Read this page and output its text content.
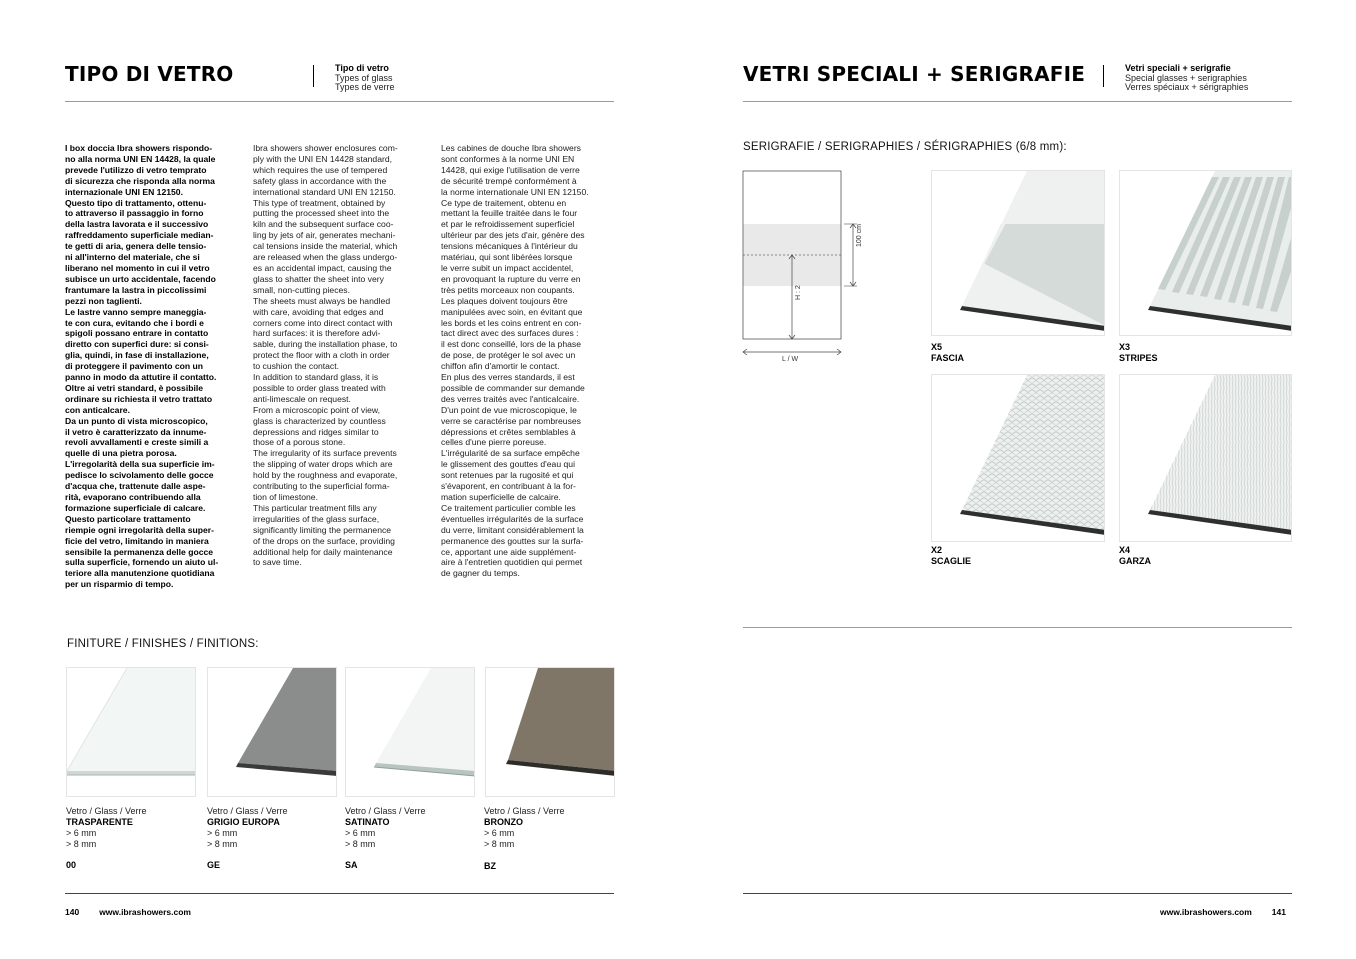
TIPO DI VETRO	Tipo di vetro
Types of glass
Types de verre

I box doccia Ibra showers rispondo-

no alla norma UNI EN 14428, la quale

prevede l'utilizzo di vetro temprato

di sicurezza che risponda alla norma

internazionale UNI EN 12150.

Questo tipo di trattamento, ottenu-

to attraverso il passaggio in forno

della lastra lavorata e il successivo

raffreddamento superficiale median-

te getti di aria, genera delle tensio-

ni all'interno del materiale, che si

liberano nel momento in cui il vetro

subisce un urto accidentale, facendo

frantumare la lastra in piccolissimi

pezzi non taglienti.

Le lastre vanno sempre maneggia-

te con cura, evitando che i bordi e

spigoli possano entrare in contatto

diretto con superfici dure: si consi-

glia, quindi, in fase di installazione,

di proteggere il pavimento con un

panno in modo da attutire il contatto.

Oltre ai vetri standard, è possibile

ordinare su richiesta il vetro trattato

con anticalcare.

Da un punto di vista microscopico,

il vetro è caratterizzato da innume-

revoli avvallamenti e creste simili a

quelle di una pietra porosa.

L'irregolarità della sua superficie im-

pedisce lo scivolamento delle gocce

d'acqua che, trattenute dalle aspe-

rità, evaporano contribuendo alla

formazione superficiale di calcare.

Questo particolare trattamento

riempie ogni irregolarità della super-

ficie del vetro, limitando in maniera

sensibile la permanenza delle gocce

sulla superficie, fornendo un aiuto ul-

teriore alla manutenzione quotidiana

per un risparmio di tempo.

Ibra showers shower enclosures com-

ply with the UNI EN 14428 standard,

which requires the use of tempered

safety glass in accordance with the

international standard UNI EN 12150.

This type of treatment, obtained by

putting the processed sheet into the

kiln and the subsequent surface coo-

ling by jets of air, generates mechani-

cal tensions inside the material, which

are released when the glass undergo-

es an accidental impact, causing the

glass to shatter the sheet into very

small, non-cutting pieces.

The sheets must always be handled

with care, avoiding that edges and

corners come into direct contact with

hard surfaces: it is therefore advi-

sable, during the installation phase, to

protect the floor with a cloth in order

to cushion the contact.

In addition to standard glass, it is

possible to order glass treated with

anti-limescale on request.

From a microscopic point of view,

glass is characterized by countless

depressions and ridges similar to

those of a porous stone.

The irregularity of its surface prevents

the slipping of water drops which are

hold by the roughness and evaporate,

contributing to the superficial forma-

tion of limestone.

This particular treatment fills any

irregularities of the glass surface,

significantly limiting the permanence

of the drops on the surface, providing

additional help for daily maintenance

to save time.

Les cabines de douche Ibra showers

sont conformes à la norme UNI EN

14428, qui exige l'utilisation de verre

de sécurité trempé conformément à

la norme internationale UNI EN 12150.

Ce type de traitement, obtenu en

mettant la feuille traitée dans le four

et par le refroidissement superficiel

ultérieur par des jets d'air, génère des

tensions mécaniques à l'intérieur du

matériau, qui sont libérées lorsque

le verre subit un impact accidentel,

en provoquant la rupture du verre en

très petits morceaux non coupants.

Les plaques doivent toujours être

manipulées avec soin, en évitant que

les bords et les coins entrent en con-

tact direct avec des surfaces dures :

il est donc conseillé, lors de la phase

de pose, de protéger le sol avec un

chiffon afin d'amortir le contact.

En plus des verres standards, il est

possible de commander sur demande

des verres traités avec l'anticalcaire.

D'un point de vue microscopique, le

verre se caractérise par nombreuses

dépressions et crêtes semblables à

celles d'une pierre poreuse.

L'irrégularité de sa surface empêche

le glissement des gouttes d'eau qui

sont retenues par la rugosité et qui

s'évaporent, en contribuant à la for-

mation superficielle de calcaire.

Ce traitement particulier comble les

éventuelles irrégularités de la surface

du verre, limitant considérablement la

permanence des gouttes sur la surfa-

ce, apportant une aide supplément-

aire à l'entretien quotidien qui permet

de gagner du temps.

FINITURE / FINISHES / FINITIONS:
Vetro / Glass / Verre
TRASPARENTE
> 6 mm
> 8 mm
00
Vetro / Glass / Verre
GRIGIO EUROPA
> 6 mm
> 8 mm
GE
Vetro / Glass / Verre
SATINATO
> 6 mm
> 8 mm
SA
Vetro / Glass / Verre
BRONZO
> 6 mm
> 8 mm
BZ
140 www.ibrashowers.com
VETRI SPECIALI + SERIGRAFIE	Vetri speciali + serigrafie
Special glasses + serigraphies
Verres spéciaux + sérigraphies
SERIGRAFIE / SERIGRAPHIES / SÉRIGRAPHIES (6/8 mm):
100 cm
H : 2
L / W
X5
FASCIA
X3
STRIPES
X2
SCAGLIE
X4
GARZA
www.ibrashowers.com 141
